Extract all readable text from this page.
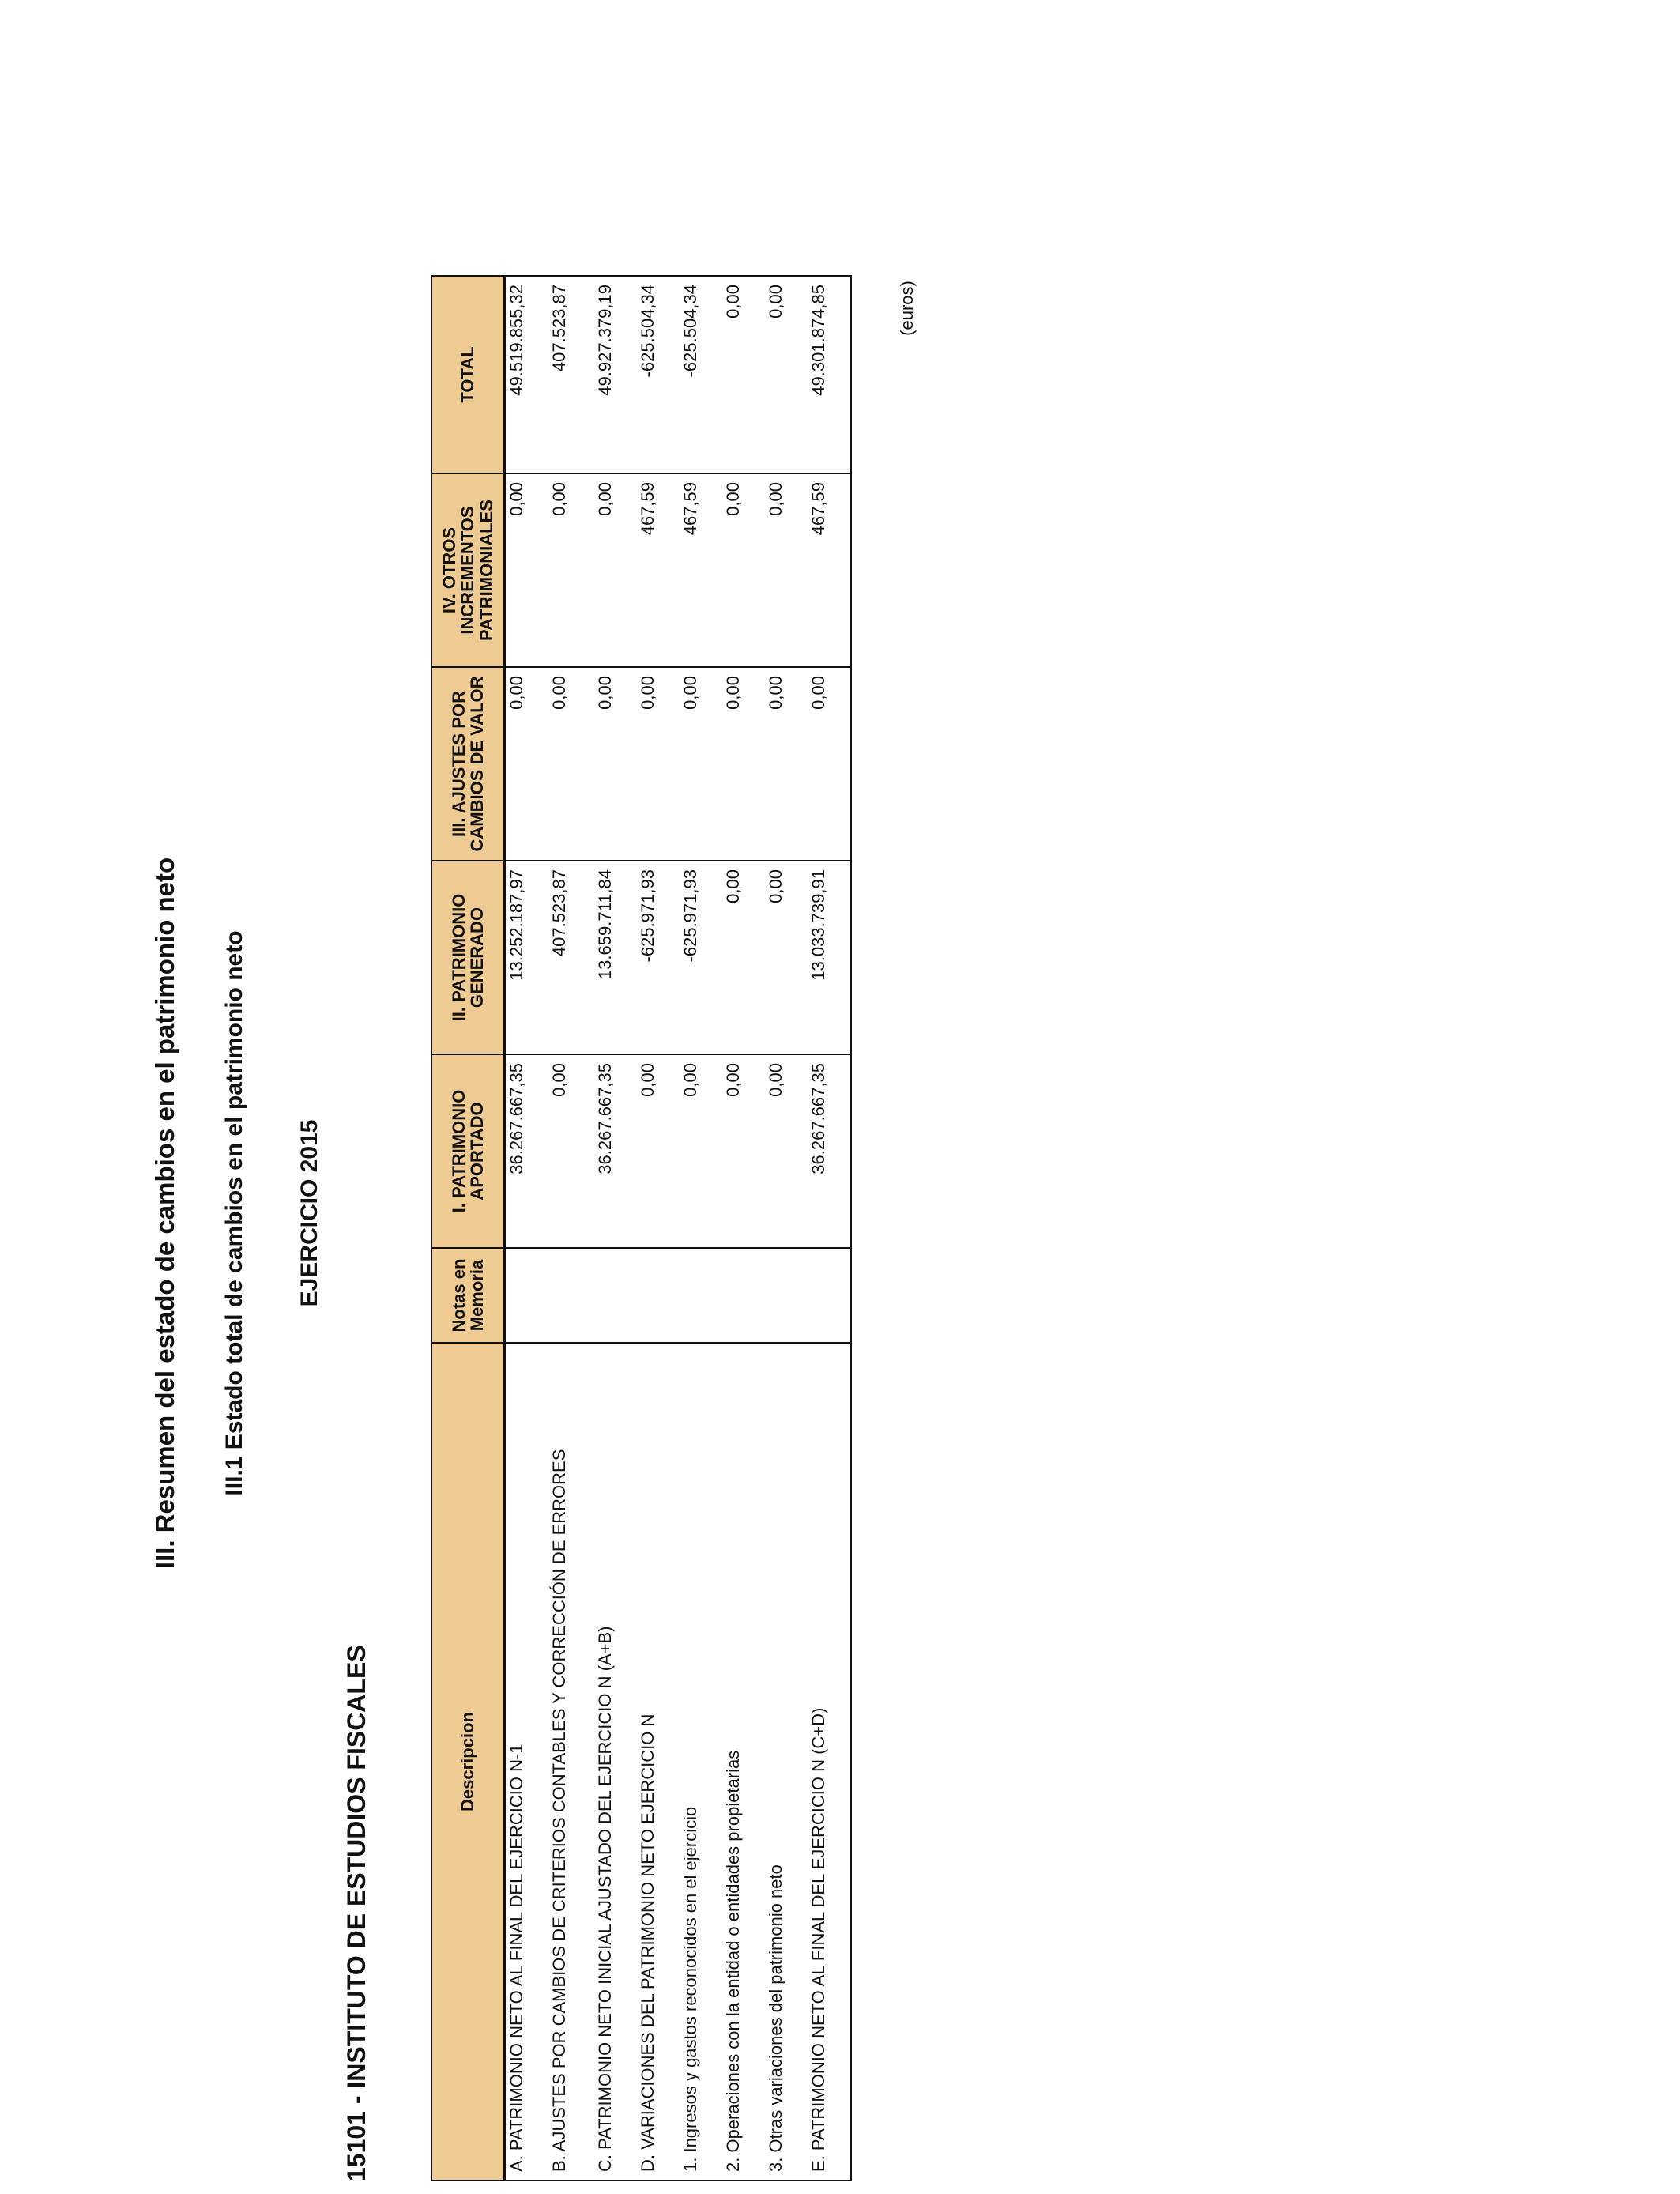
III. Resumen del estado de cambios en el patrimonio neto III.1 Estado total de cambios en el patrimonio neto EJERCICIO 2015
15101 - INSTITUTO DE ESTUDIOS FISCALES
(euros)
Descripcion	Notas en Memoria	I. PATRIMONIO APORTADO	II. PATRIMONIO GENERADO	III. AJUSTES POR CAMBIOS DE VALOR	IV. OTROS INCREMENTOS PATRIMONIALES	TOTAL
A. PATRIMONIO NETO AL FINAL DEL EJERCICIO N-1		36.267.667,35	13.252.187,97	0,00	0,00	49.519.855,32
B. AJUSTES POR CAMBIOS DE CRITERIOS CONTABLES Y CORRECCIÓN DE ERRORES		0,00	407.523,87	0,00	0,00	407.523,87
C. PATRIMONIO NETO INICIAL AJUSTADO DEL EJERCICIO N (A+B)		36.267.667,35	13.659.711,84	0,00	0,00	49.927.379,19
D. VARIACIONES DEL PATRIMONIO NETO EJERCICIO N		0,00	-625.971,93	0,00	467,59	-625.504,34
1. Ingresos y gastos reconocidos en el ejercicio		0,00	-625.971,93	0,00	467,59	-625.504,34
2. Operaciones con la entidad o entidades propietarias		0,00	0,00	0,00	0,00	0,00
3. Otras variaciones del patrimonio neto		0,00	0,00	0,00	0,00	0,00
E. PATRIMONIO NETO AL FINAL DEL EJERCICIO N (C+D)		36.267.667,35	13.033.739,91	0,00	467,59	49.301.874,85
